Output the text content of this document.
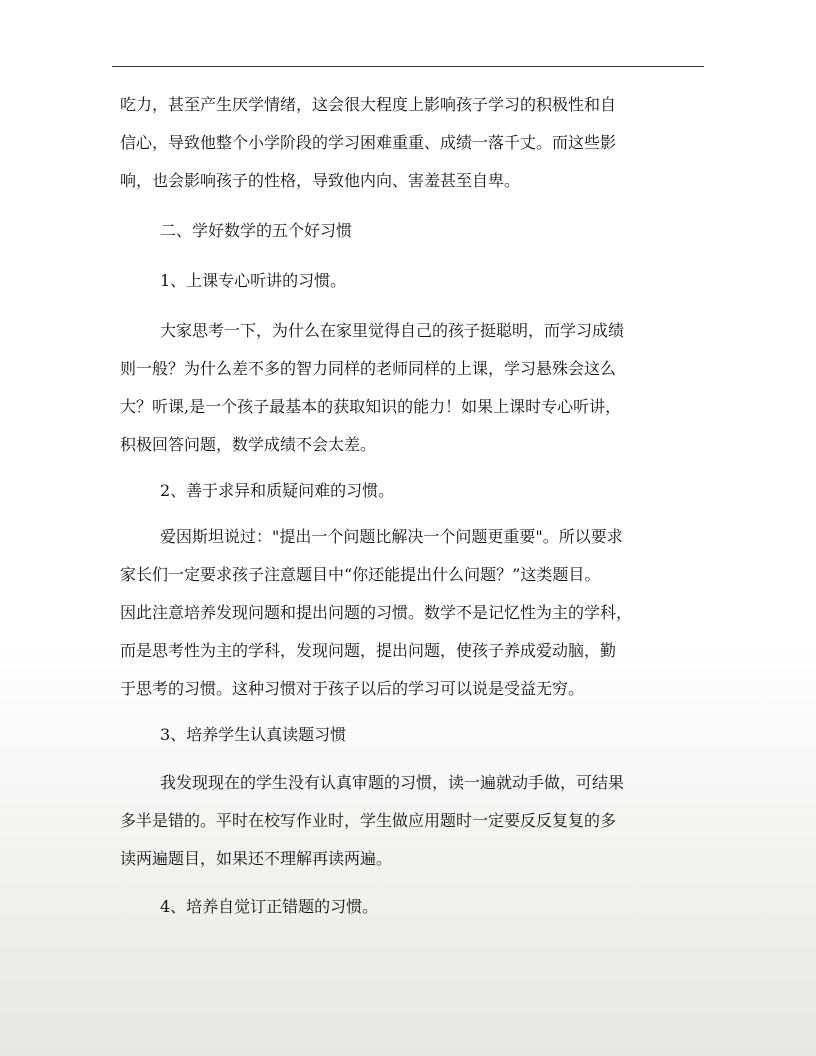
吃力，甚至产生厌学情绪，这会很大程度上影响孩子学习的积极性和自
信心，导致他整个小学阶段的学习困难重重、成绩一落千丈。而这些影
响，也会影响孩子的性格，导致他内向、害羞甚至自卑。

二、学好数学的五个好习惯

1、上课专心听讲的习惯。

大家思考一下，为什么在家里觉得自己的孩子挺聪明，而学习成绩
则一般？为什么差不多的智力同样的老师同样的上课，学习悬殊会这么
大？听课,是一个孩子最基本的获取知识的能力！如果上课时专心听讲，
积极回答问题，数学成绩不会太差。

2、善于求异和质疑问难的习惯。

爱因斯坦说过："提出一个问题比解决一个问题更重要"。所以要求
家长们一定要求孩子注意题目中“你还能提出什么问题？”这类题目。
因此注意培养发现问题和提出问题的习惯。数学不是记忆性为主的学科，
而是思考性为主的学科，发现问题，提出问题，使孩子养成爱动脑，勤
于思考的习惯。这种习惯对于孩子以后的学习可以说是受益无穷。

3、培养学生认真读题习惯

我发现现在的学生没有认真审题的习惯，读一遍就动手做，可结果
多半是错的。平时在校写作业时，学生做应用题时一定要反反复复的多
读两遍题目，如果还不理解再读两遍。

4、培养自觉订正错题的习惯。
